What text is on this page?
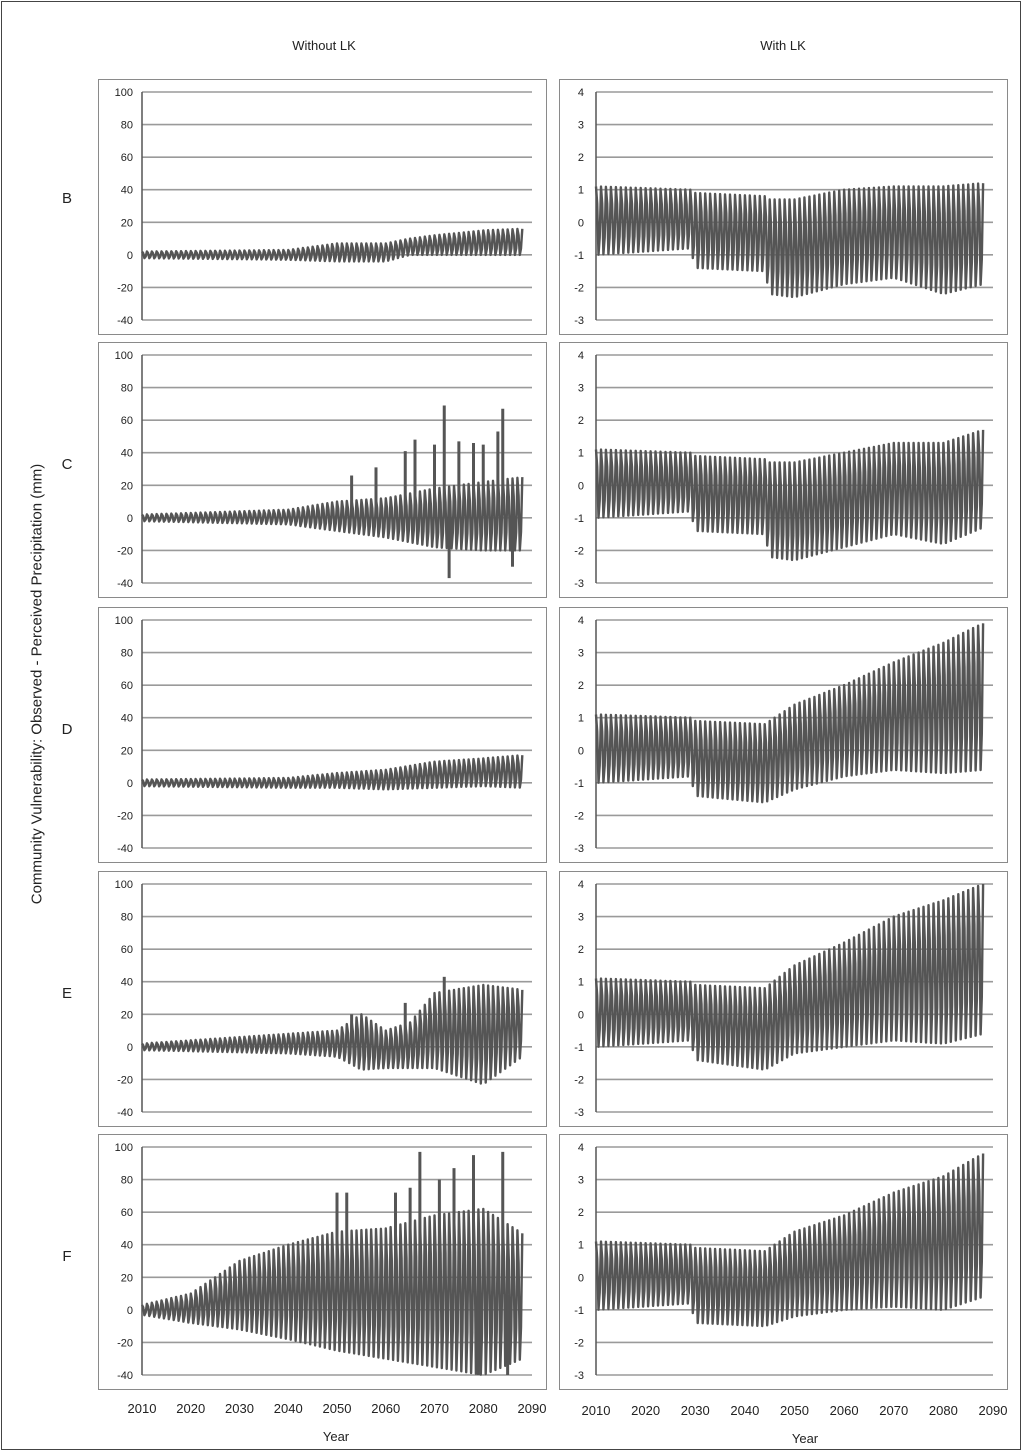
Without LK	With LK
Community Vulnerability: Observed - Perceived Precipitation (mm)
B
C
D
E
F
-40
-20
0
20
40
60
80
100
-3
-2
-1
0
1
2
3
4
-40
-20
0
20
40
60
80
100
-3
-2
-1
0
1
2
3
4
-40
-20
0
20
40
60
80
100
-3
-2
-1
0
1
2
3
4
-40
-20
0
20
40
60
80
100
-3
-2
-1
0
1
2
3
4
-40
-20
0
20
40
60
80
100
2010 2020 2030 2040 2050 2060 2070 2080 2090
-3
-2
-1
0
1
2
3
4
2010 2020 2030 2040 2050 2060 2070 2080 2090
Year	Year
